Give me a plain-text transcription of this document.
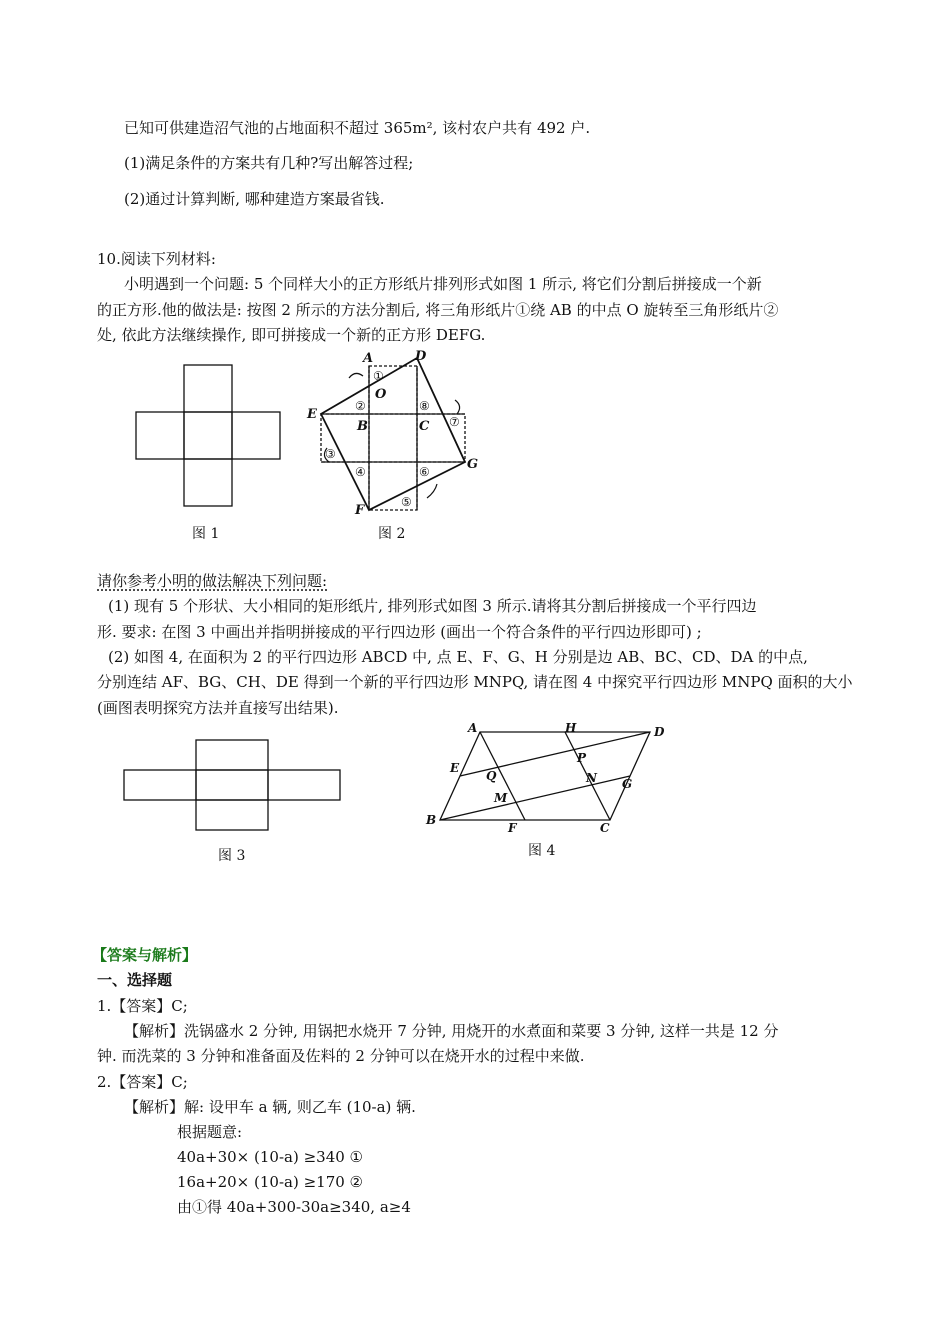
已知可供建造沼气池的占地面积不超过 365m², 该村农户共有 492 户.
(1)满足条件的方案共有几种?写出解答过程;
(2)通过计算判断, 哪种建造方案最省钱.
10.阅读下列材料:
小明遇到一个问题: 5 个同样大小的正方形纸片排列形式如图 1 所示, 将它们分割后拼接成一个新
的正方形.他的做法是: 按图 2 所示的方法分割后, 将三角形纸片①绕 AB 的中点 O 旋转至三角形纸片②
处, 依此方法继续操作, 即可拼接成一个新的正方形 DEFG.
图 1
A	D
O
E
B	C
G
F
①
②
③
④
⑤
⑥
⑦
⑧
图 2
请你参考小明的做法解决下列问题:
(1) 现有 5 个形状、大小相同的矩形纸片, 排列形式如图 3 所示.请将其分割后拼接成一个平行四边
形. 要求: 在图 3 中画出并指明拼接成的平行四边形 (画出一个符合条件的平行四边形即可) ;
(2) 如图 4, 在面积为 2 的平行四边形 ABCD 中, 点 E、F、G、H 分别是边 AB、BC、CD、DA 的中点,
分别连结 AF、BG、CH、DE 得到一个新的平行四边形 MNPQ, 请在图 4 中探究平行四边形 MNPQ 面积的大小
(画图表明探究方法并直接写出结果).
图 3
A	H	D
E
Q
P
N G
M
B
F	C
图 4
【答案与解析】
一、选择题
1.【答案】C;
【解析】洗锅盛水 2 分钟, 用锅把水烧开 7 分钟, 用烧开的水煮面和菜要 3 分钟, 这样一共是 12 分
钟. 而洗菜的 3 分钟和准备面及佐料的 2 分钟可以在烧开水的过程中来做.
2.【答案】C;
【解析】解: 设甲车 a 辆, 则乙车 (10-a) 辆.
根据题意:
40a+30× (10-a) ≥340 ①
16a+20× (10-a) ≥170 ②
由①得 40a+300-30a≥340, a≥4
